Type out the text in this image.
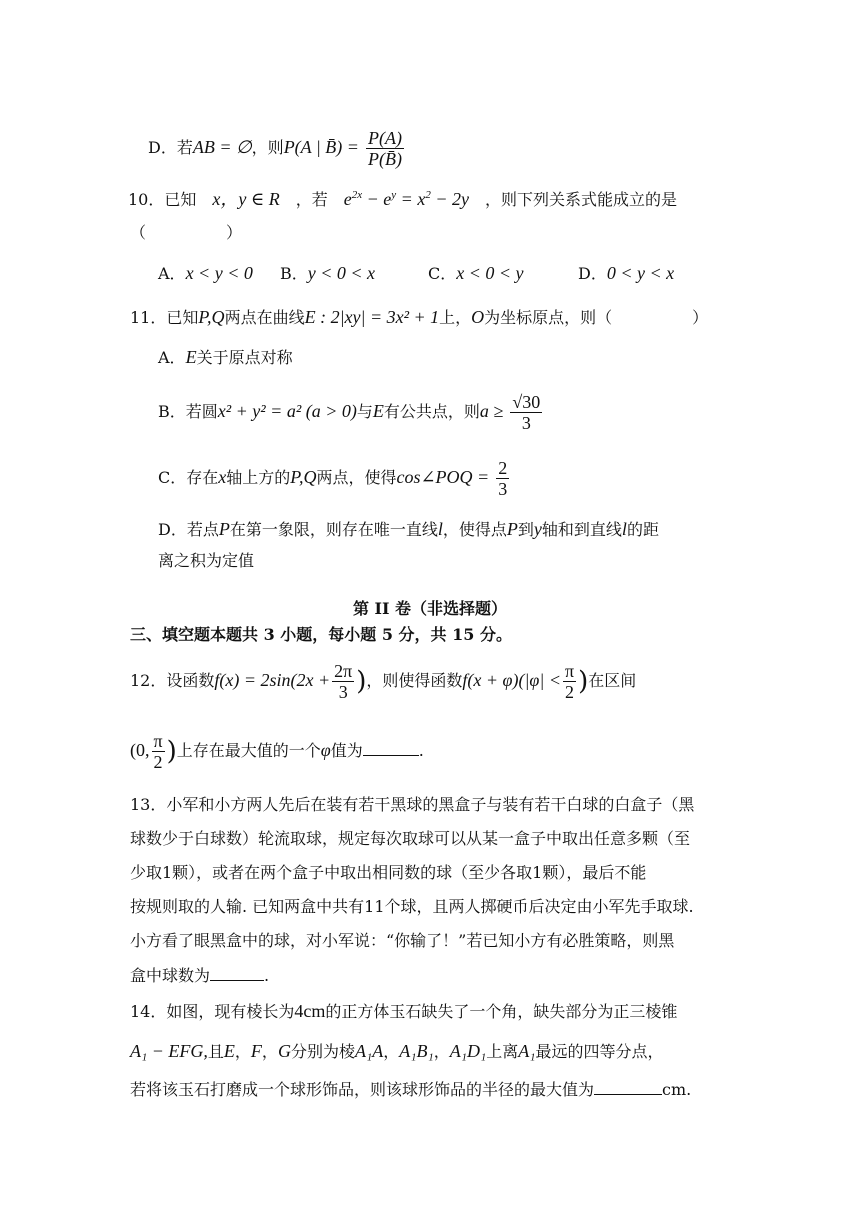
D．若AB = ∅，则P(A | B̄) = $\frac{P(A)}{P(B̄)}$
10．已知　 x，y ∈ R　 ，若　 $e^{2x} - e^y = x^2 - 2y$　 ，则下列关系式能成立的是
（　　　　　）
A．x < y < 0 B．y < 0 < x	C．x < 0 < y	D．0 < y < x
11．已知P,Q两点在曲线E : 2|xy| = 3x² + 1上，O为坐标原点，则（　　　　　）
A．E关于原点对称
B．若圆x² + y² = a² (a > 0)与E有公共点，则$a \ge \frac{√30}{3}$
C．存在x轴上方的P,Q两点，使得cos∠POQ = $\frac{2}{3}$
D．若点P在第一象限，则存在唯一直线l，使得点P到y轴和到直线l的距
离之积为定值
第 II 卷（非选择题）
三、填空题本题共 3 小题，每小题 5 分，共 15 分。
12．设函数$f(x) = 2\sin(2x + \frac{2\pi}{3}$ )，则使得函数$f(x + \varphi)(|\varphi| < \frac{\pi}{2}$ )在区间
(0, $\frac{\pi}{2}$ )上存在最大值的一个φ值为	.
13．小军和小方两人先后在装有若干黑球的黑盒子与装有若干白球的白盒子（黑
球数少于白球数）轮流取球，规定每次取球可以从某一盒子中取出任意多颗（至
少取1颗），或者在两个盒子中取出相同数的球（至少各取1颗），最后不能
按规则取的人输. 已知两盒中共有11个球，且两人掷硬币后决定由小军先手取球.
小方看了眼黑盒中的球，对小军说：“你输了！”若已知小方有必胜策略，则黑
盒中球数为	.
14．如图，现有棱长为4cm的正方体玉石缺失了一个角，缺失部分为正三棱锥
A₁ − EFG,且E，F，G分别为棱A₁A，A₁B₁，A₁D₁上离A₁最远的四等分点，
若将该玉石打磨成一个球形饰品，则该球形饰品的半径的最大值为	cm.
